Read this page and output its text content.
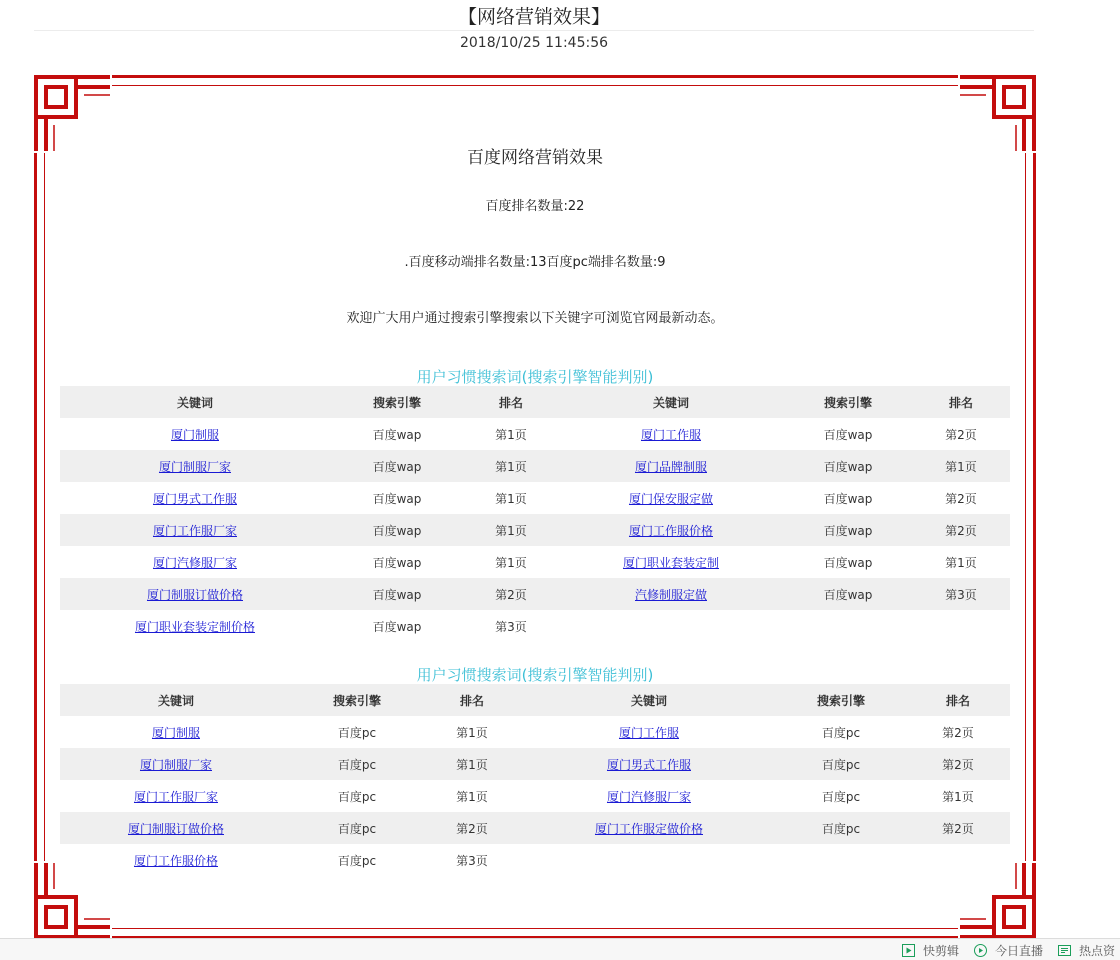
【网络营销效果】
2018/10/25 11:45:56
百度网络营销效果
百度排名数量:22
.百度移动端排名数量:13百度pc端排名数量:9
欢迎广大用户通过搜索引擎搜索以下关键字可浏览官网最新动态。
用户习惯搜索词(搜索引擎智能判别)
关键词	搜索引擎	排名	关键词	搜索引擎	排名
厦门制服	百度wap	第1页	厦门工作服	百度wap	第2页
厦门制服厂家	百度wap	第1页	厦门品牌制服	百度wap	第1页
厦门男式工作服	百度wap	第1页	厦门保安服定做	百度wap	第2页
厦门工作服厂家	百度wap	第1页	厦门工作服价格	百度wap	第2页
厦门汽修服厂家	百度wap	第1页	厦门职业套装定制	百度wap	第1页
厦门制服订做价格	百度wap	第2页	汽修制服定做	百度wap	第3页
厦门职业套装定制价格	百度wap	第3页			
用户习惯搜索词(搜索引擎智能判别)
关键词	搜索引擎	排名	关键词	搜索引擎	排名
厦门制服	百度pc	第1页	厦门工作服	百度pc	第2页
厦门制服厂家	百度pc	第1页	厦门男式工作服	百度pc	第2页
厦门工作服厂家	百度pc	第1页	厦门汽修服厂家	百度pc	第1页
厦门制服订做价格	百度pc	第2页	厦门工作服定做价格	百度pc	第2页
厦门工作服价格	百度pc	第3页			
快剪辑	今日直播	热点资
